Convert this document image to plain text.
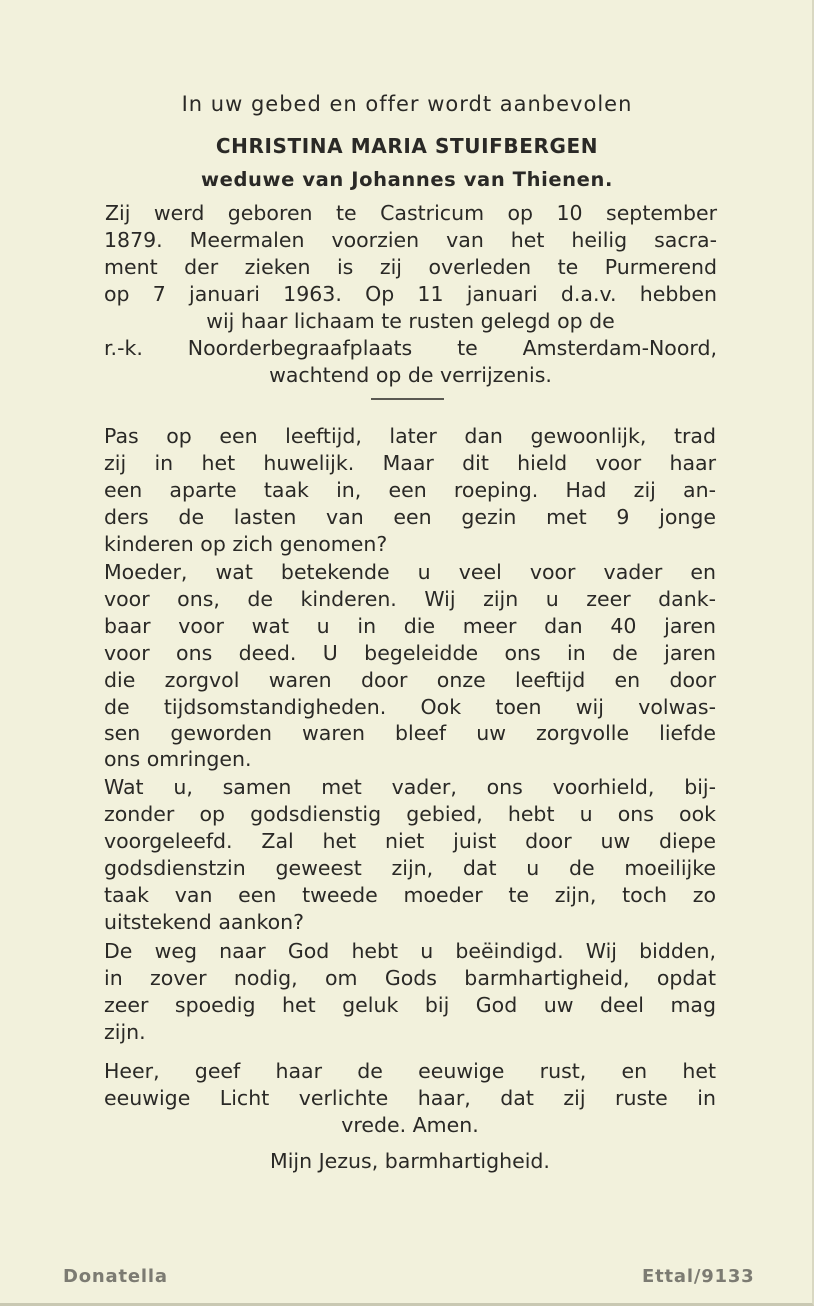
In uw gebed en offer wordt aanbevolen
CHRISTINA MARIA STUIFBERGEN
weduwe van Johannes van Thienen.
Zij werd geboren te Castricum op 10 september
1879. Meermalen voorzien van het heilig sacra-
ment der zieken is zij overleden te Purmerend
op 7 januari 1963. Op 11 januari d.a.v. hebben
wij haar lichaam te rusten gelegd op de
r.-k. Noorderbegraafplaats te Amsterdam-Noord,
wachtend op de verrijzenis.
Pas op een leeftijd, later dan gewoonlijk, trad
zij in het huwelijk. Maar dit hield voor haar
een aparte taak in, een roeping. Had zij an-
ders de lasten van een gezin met 9 jonge
kinderen op zich genomen?
Moeder, wat betekende u veel voor vader en
voor ons, de kinderen. Wij zijn u zeer dank-
baar voor wat u in die meer dan 40 jaren
voor ons deed. U begeleidde ons in de jaren
die zorgvol waren door onze leeftijd en door
de tijdsomstandigheden. Ook toen wij volwas-
sen geworden waren bleef uw zorgvolle liefde
ons omringen.
Wat u, samen met vader, ons voorhield, bij-
zonder op godsdienstig gebied, hebt u ons ook
voorgeleefd. Zal het niet juist door uw diepe
godsdienstzin geweest zijn, dat u de moeilijke
taak van een tweede moeder te zijn, toch zo
uitstekend aankon?
De weg naar God hebt u beëindigd. Wij bidden,
in zover nodig, om Gods barmhartigheid, opdat
zeer spoedig het geluk bij God uw deel mag
zijn.
Heer, geef haar de eeuwige rust, en het
eeuwige Licht verlichte haar, dat zij ruste in
vrede. Amen.
Mijn Jezus, barmhartigheid.
Donatella	Ettal/9133
